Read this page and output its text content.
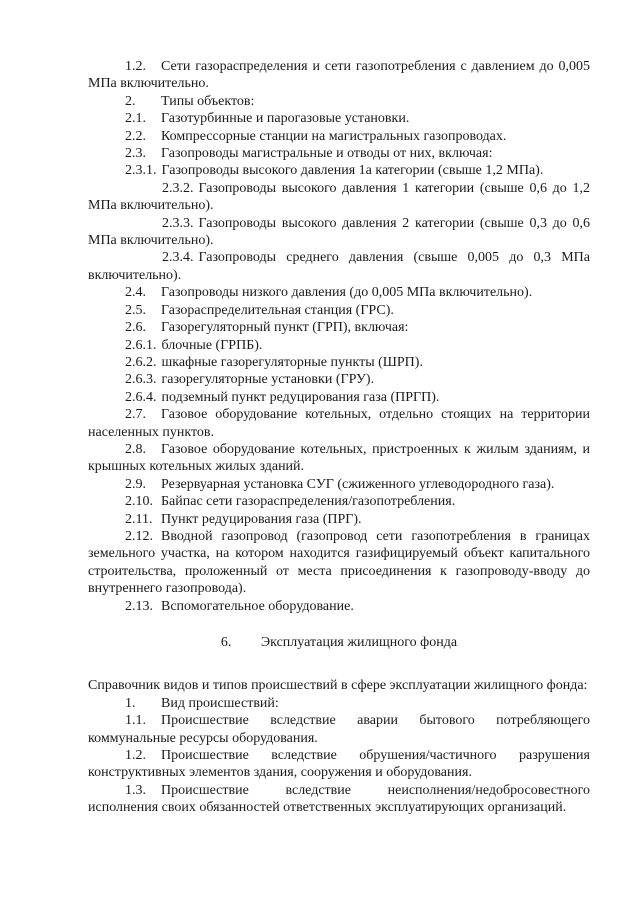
1.2. Сети газораспределения и сети газопотребления с давлением до 0,005 МПа включительно.

2. Типы объектов:

2.1. Газотурбинные и парогазовые установки.

2.2. Компрессорные станции на магистральных газопроводах.

2.3. Газопроводы магистральные и отводы от них, включая:

2.3.1. Газопроводы высокого давления 1а категории (свыше 1,2 МПа).

2.3.2. Газопроводы высокого давления 1 категории (свыше 0,6 до 1,2 МПа включительно).

2.3.3. Газопроводы высокого давления 2 категории (свыше 0,3 до 0,6 МПа включительно).

2.3.4. Газопроводы среднего давления (свыше 0,005 до 0,3 МПа включительно).

2.4. Газопроводы низкого давления (до 0,005 МПа включительно).

2.5. Газораспределительная станция (ГРС).

2.6. Газорегуляторный пункт (ГРП), включая:

2.6.1. блочные (ГРПБ).

2.6.2. шкафные газорегуляторные пункты (ШРП).

2.6.3. газорегуляторные установки (ГРУ).

2.6.4. подземный пункт редуцирования газа (ПРГП).

2.7. Газовое оборудование котельных, отдельно стоящих на территории населенных пунктов.

2.8. Газовое оборудование котельных, пристроенных к жилым зданиям, и крышных котельных жилых зданий.

2.9. Резервуарная установка СУГ (сжиженного углеводородного газа).

2.10. Байпас сети газораспределения/газопотребления.

2.11. Пункт редуцирования газа (ПРГ).

2.12. Вводной газопровод (газопровод сети газопотребления в границах земельного участка, на котором находится газифицируемый объект капитального строительства, проложенный от места присоединения к газопроводу-вводу до внутреннего газопровода).

2.13. Вспомогательное оборудование.

6. Эксплуатация жилищного фонда

Справочник видов и типов происшествий в сфере эксплуатации жилищного фонда:

1. Вид происшествий:

1.1. Происшествие вследствие аварии бытового потребляющего коммунальные ресурсы оборудования.

1.2. Происшествие вследствие обрушения/частичного разрушения конструктивных элементов здания, сооружения и оборудования.

1.3. Происшествие вследствие неисполнения/недобросовестного исполнения своих обязанностей ответственных эксплуатирующих организаций.
